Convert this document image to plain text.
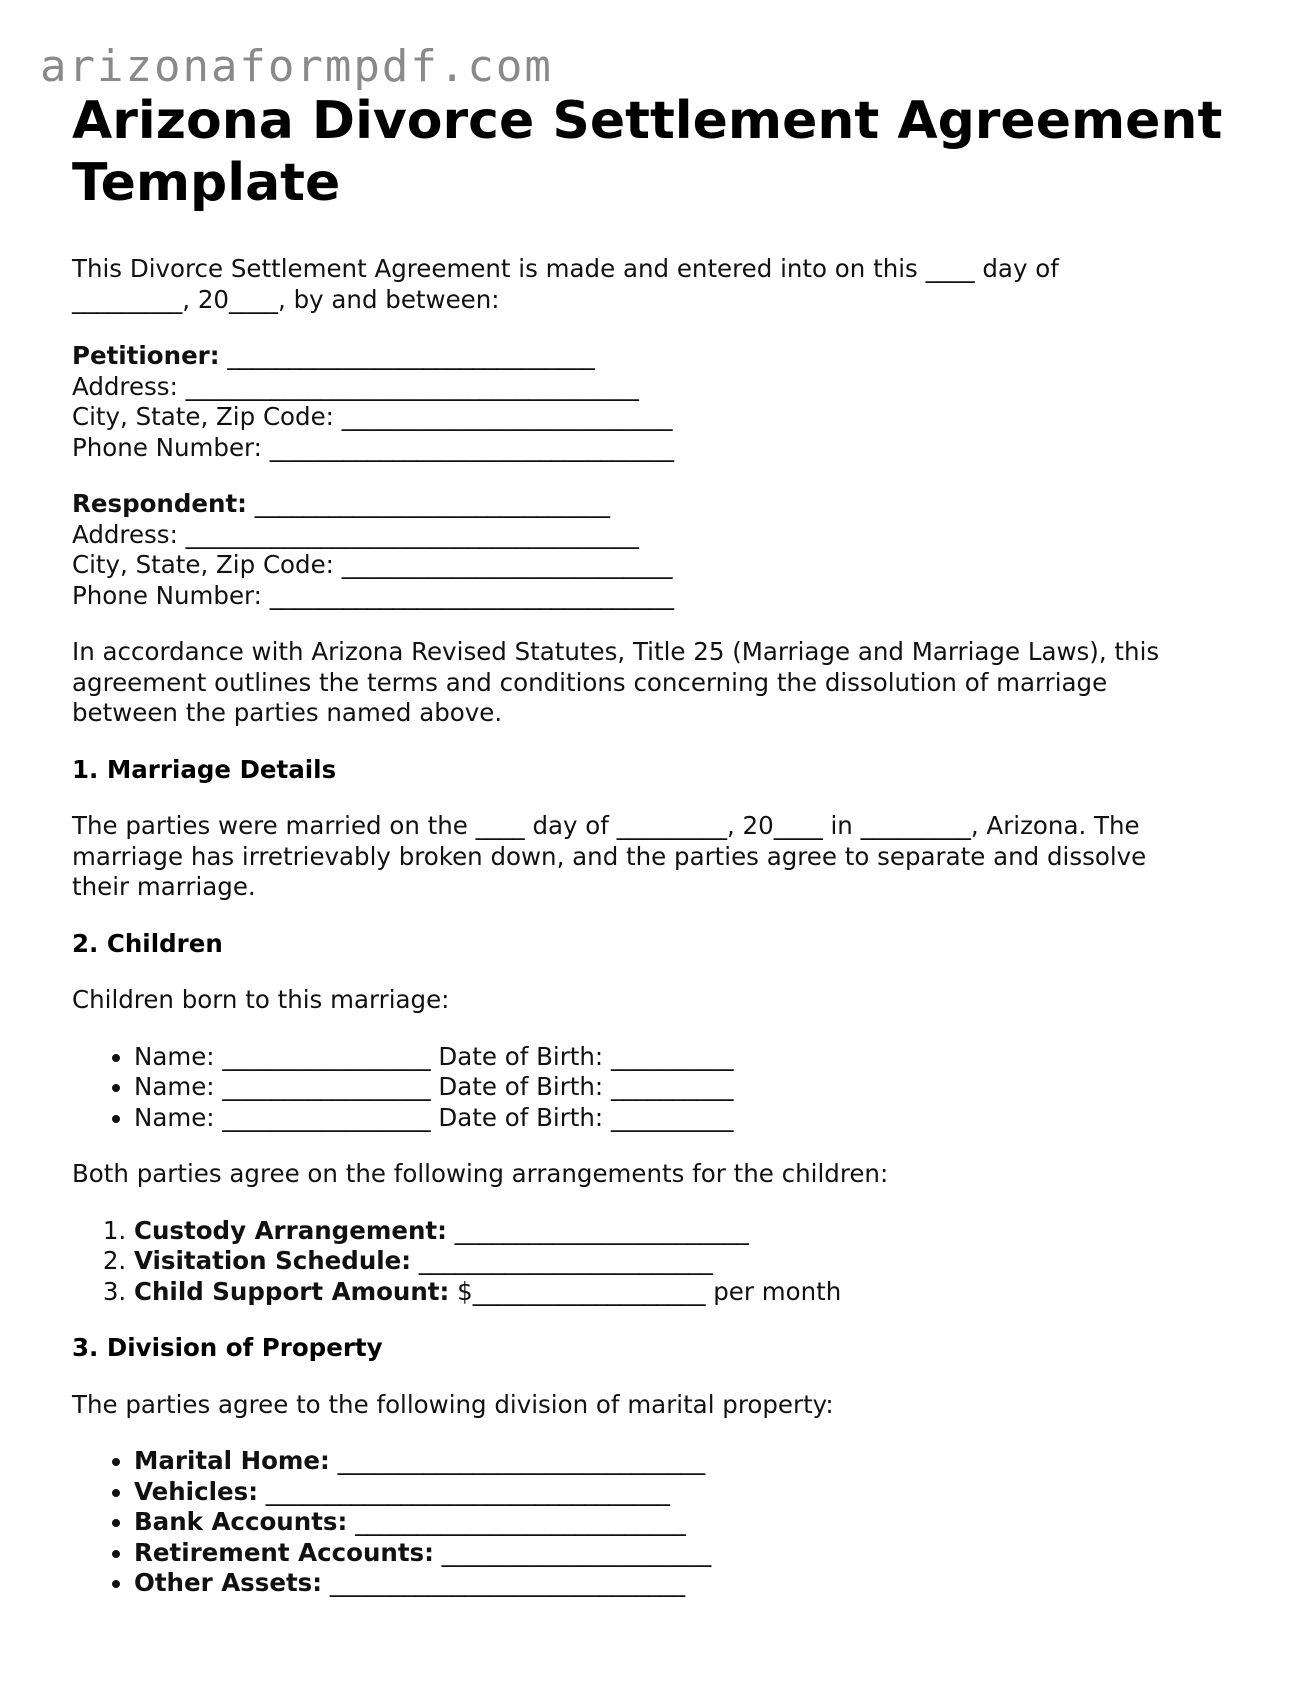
arizonaformpdf.com
Arizona Divorce Settlement Agreement Template

This Divorce Settlement Agreement is made and entered into on this ____ day of
_________, 20____, by and between:

Petitioner: ______________________________
Address: _____________________________________
City, State, Zip Code: ___________________________
Phone Number: _________________________________
Respondent: _____________________________
Address: _____________________________________
City, State, Zip Code: ___________________________
Phone Number: _________________________________

In accordance with Arizona Revised Statutes, Title 25 (Marriage and Marriage Laws), this
agreement outlines the terms and conditions concerning the dissolution of marriage
between the parties named above.

1. Marriage Details

The parties were married on the ____ day of _________, 20____ in _________, Arizona. The
marriage has irretrievably broken down, and the parties agree to separate and dissolve
their marriage.

2. Children

Children born to this marriage:

• Name: _________________ Date of Birth: __________
• Name: _________________ Date of Birth: __________
• Name: _________________ Date of Birth: __________

Both parties agree on the following arrangements for the children:

1. Custody Arrangement: ________________________
2. Visitation Schedule: ________________________
3. Child Support Amount: $___________________ per month
3. Division of Property

The parties agree to the following division of marital property:

• Marital Home: ______________________________
• Vehicles: _________________________________
• Bank Accounts: ___________________________
• Retirement Accounts: ______________________
• Other Assets: _____________________________
